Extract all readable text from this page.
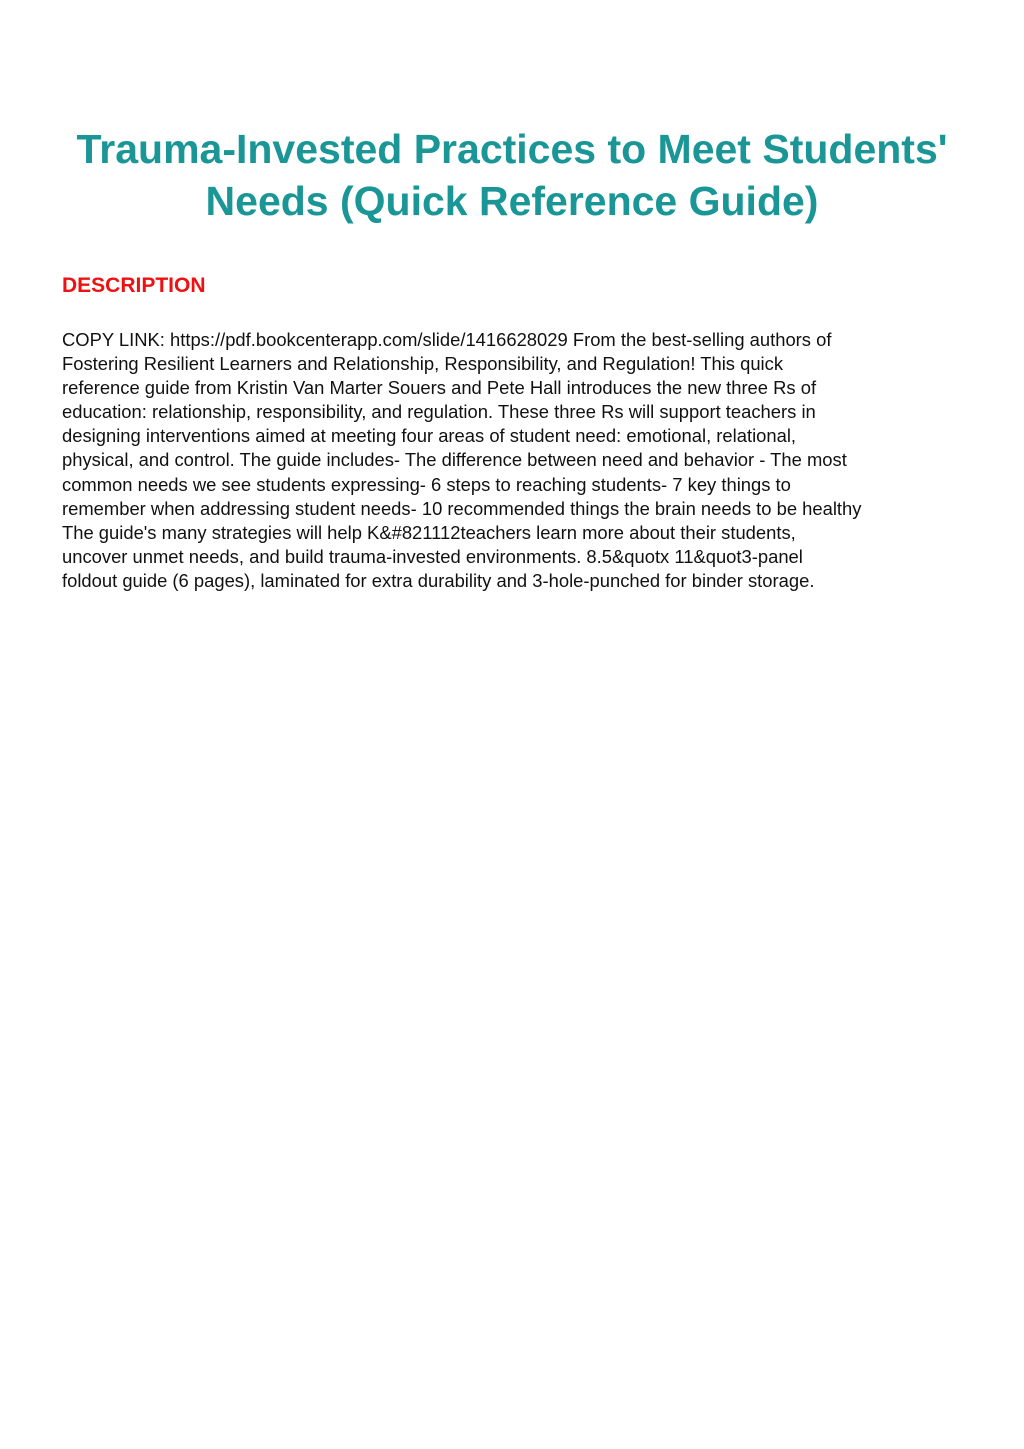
Trauma-Invested Practices to Meet Students' Needs (Quick Reference Guide)
DESCRIPTION

COPY LINK: https://pdf.bookcenterapp.com/slide/1416628029 From the best-selling authors of
Fostering Resilient Learners and Relationship, Responsibility, and Regulation! This quick
reference guide from Kristin Van Marter Souers and Pete Hall introduces the new three Rs of
education: relationship, responsibility, and regulation. These three Rs will support teachers in
designing interventions aimed at meeting four areas of student need: emotional, relational,
physical, and control. The guide includes- The difference between need and behavior - The most
common needs we see students expressing- 6 steps to reaching students- 7 key things to
remember when addressing student needs- 10 recommended things the brain needs to be healthy
The guide's many strategies will help K&#821112teachers learn more about their students,
uncover unmet needs, and build trauma-invested environments. 8.5&quotx 11&quot3-panel
foldout guide (6 pages), laminated for extra durability and 3-hole-punched for binder storage.
